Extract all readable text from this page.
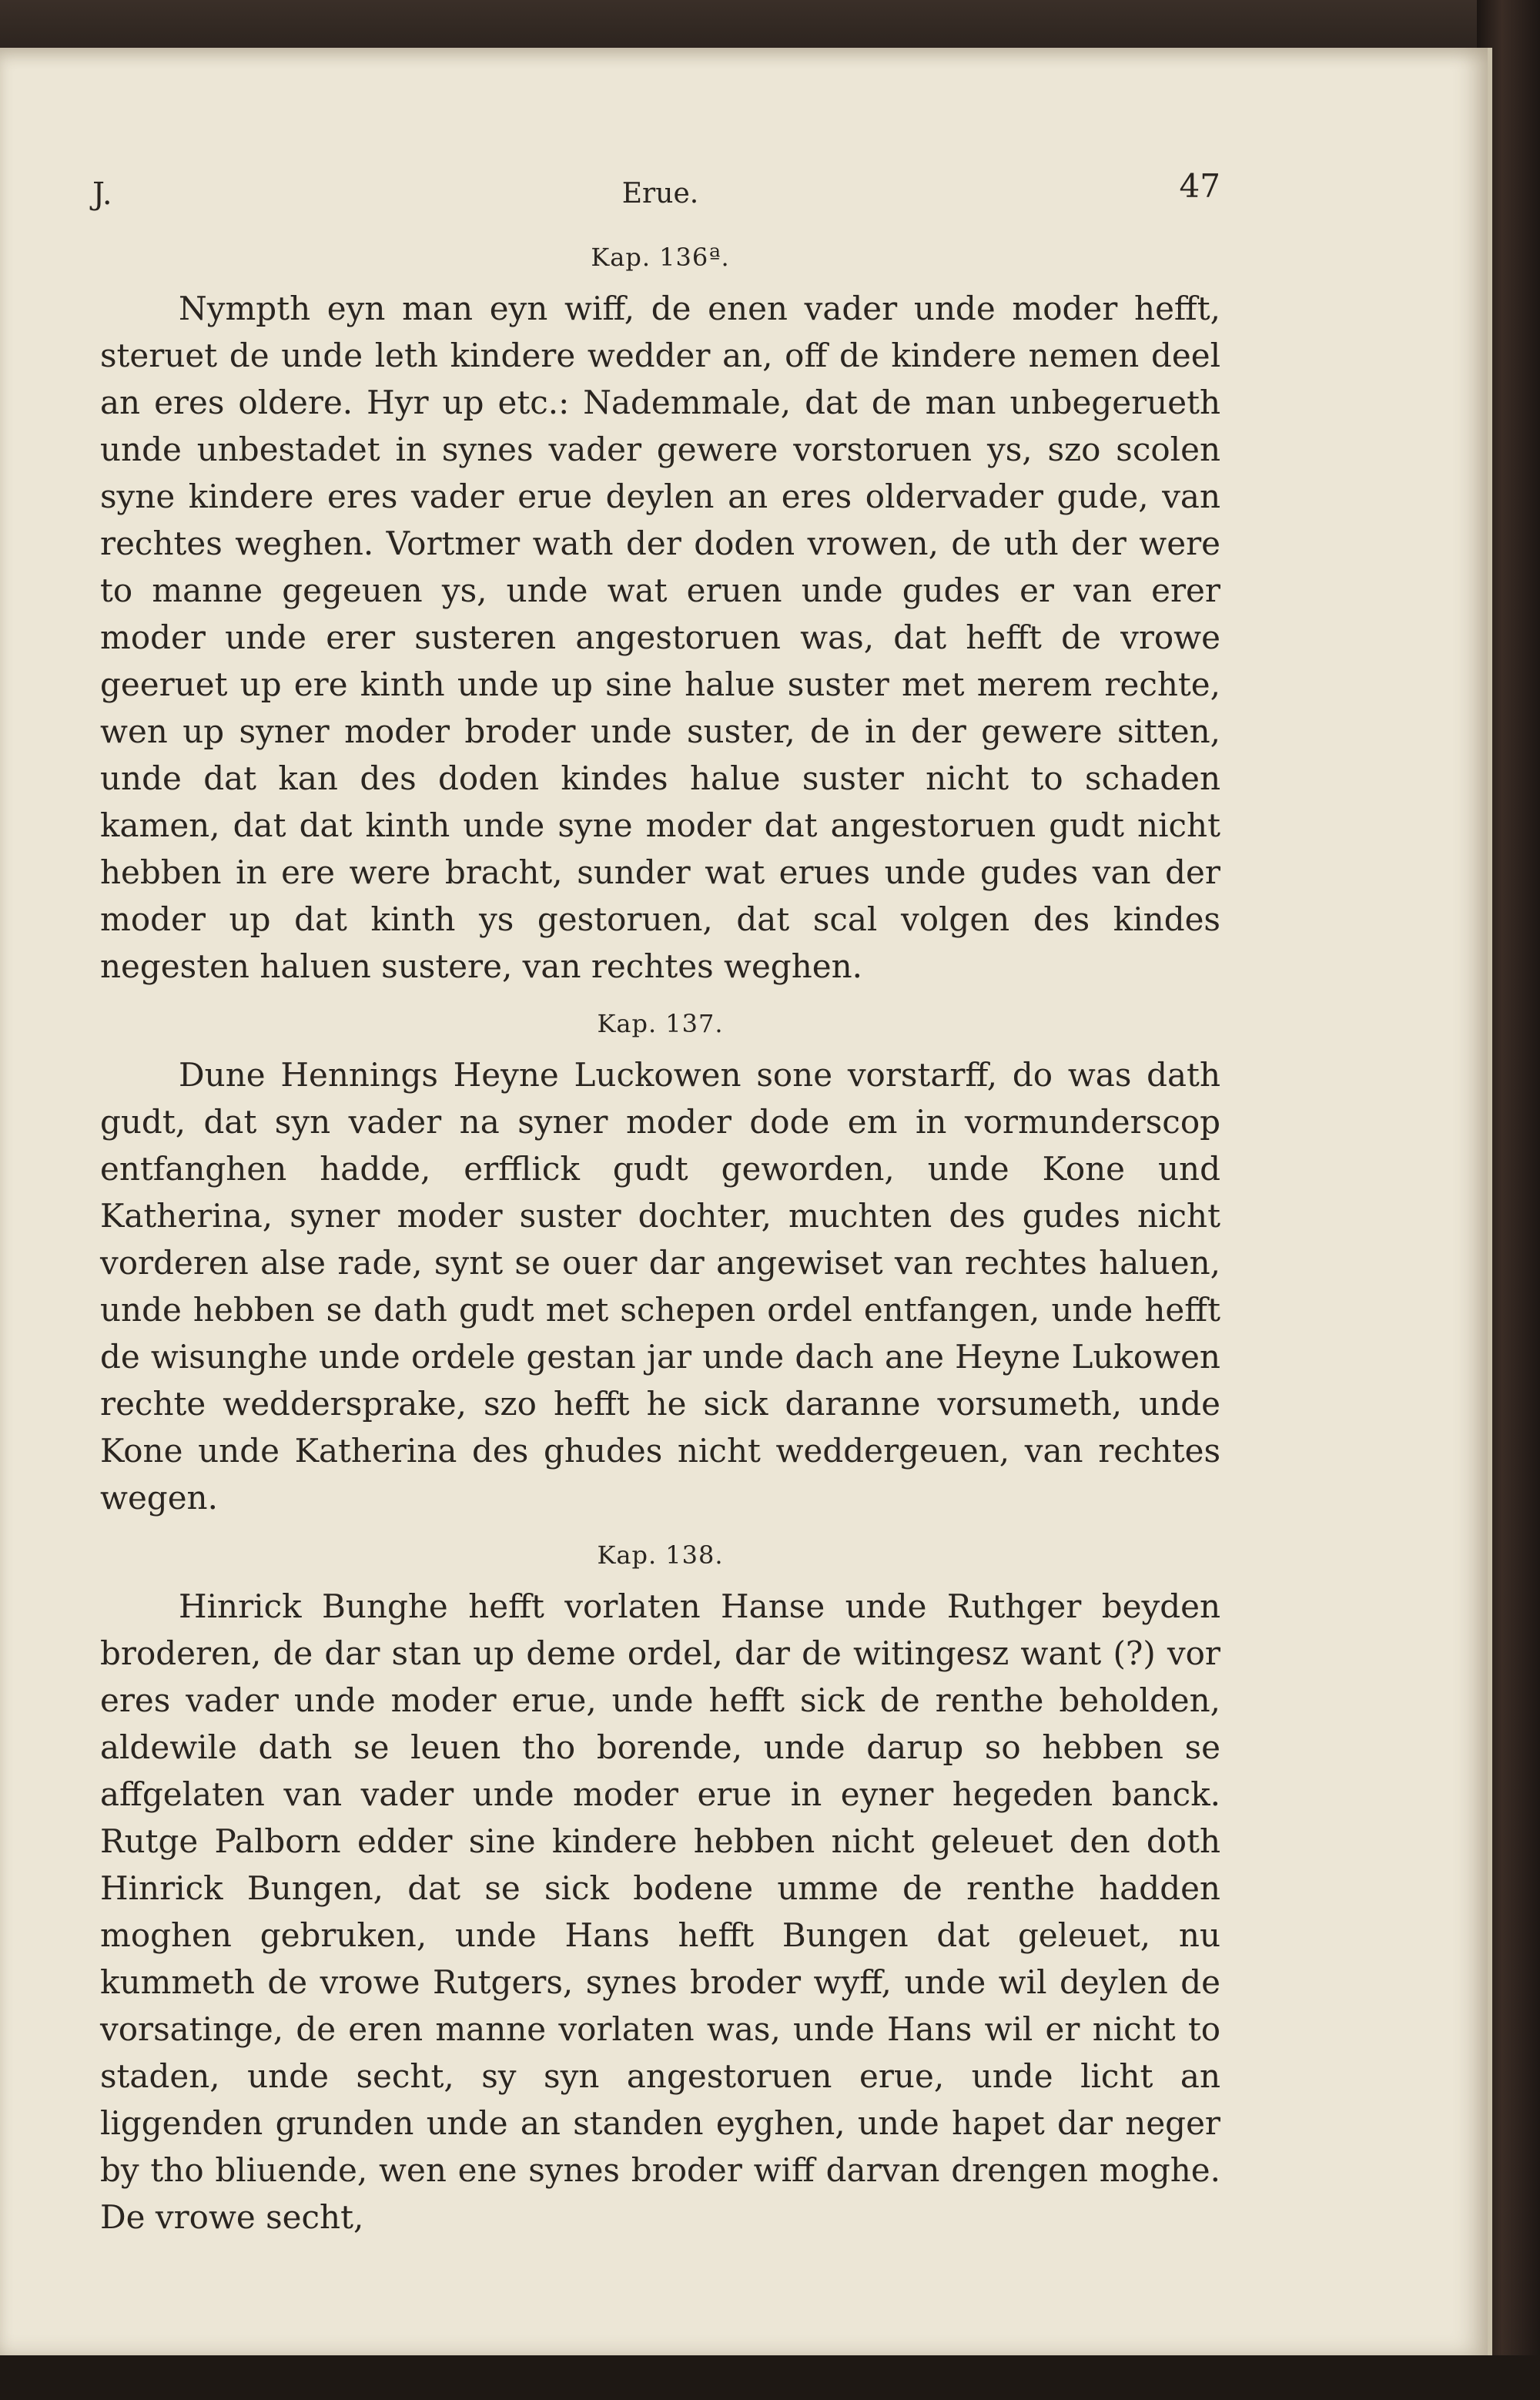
J.	Erue.	47
Kap. 136ª.

Nympth eyn man eyn wiff, de enen vader unde moder hefft, steruet de unde leth kindere wedder an, off de kindere nemen deel an eres oldere. Hyr up etc.: Nademmale, dat de man unbegerueth unde unbestadet in synes vader gewere vorstoruen ys, szo scolen syne kindere eres vader erue deylen an eres oldervader gude, van rechtes weghen. Vortmer wath der doden vrowen, de uth der were to manne gegeuen ys, unde wat eruen unde gudes er van erer moder unde erer susteren angestoruen was, dat hefft de vrowe geeruet up ere kinth unde up sine halue suster met merem rechte, wen up syner moder broder unde suster, de in der gewere sitten, unde dat kan des doden kindes halue suster nicht to schaden kamen, dat dat kinth unde syne moder dat angestoruen gudt nicht hebben in ere were bracht, sunder wat erues unde gudes van der moder up dat kinth ys gestoruen, dat scal volgen des kindes negesten haluen sustere, van rechtes weghen.

Kap. 137.

Dune Hennings Heyne Luckowen sone vorstarff, do was dath gudt, dat syn vader na syner moder dode em in vormunderscop entfanghen hadde, erfflick gudt geworden, unde Kone und Katherina, syner moder suster dochter, muchten des gudes nicht vorderen alse rade, synt se ouer dar angewiset van rechtes haluen, unde hebben se dath gudt met schepen ordel entfangen, unde hefft de wisunghe unde ordele gestan jar unde dach ane Heyne Lukowen rechte weddersprake, szo hefft he sick daranne vorsumeth, unde Kone unde Katherina des ghudes nicht weddergeuen, van rechtes wegen.

Kap. 138.

Hinrick Bunghe hefft vorlaten Hanse unde Ruthger beyden broderen, de dar stan up deme ordel, dar de witingesz want (?) vor eres vader unde moder erue, unde hefft sick de renthe beholden, aldewile dath se leuen tho borende, unde darup so hebben se affgelaten van vader unde moder erue in eyner hegeden banck. Rutge Palborn edder sine kindere hebben nicht geleuet den doth Hinrick Bungen, dat se sick bodene umme de renthe hadden moghen gebruken, unde Hans hefft Bungen dat geleuet, nu kummeth de vrowe Rutgers, synes broder wyff, unde wil deylen de vorsatinge, de eren manne vorlaten was, unde Hans wil er nicht to staden, unde secht, sy syn angestoruen erue, unde licht an liggenden grunden unde an standen eyghen, unde hapet dar neger by tho bliuende, wen ene synes broder wiff darvan drengen moghe. De vrowe secht,
